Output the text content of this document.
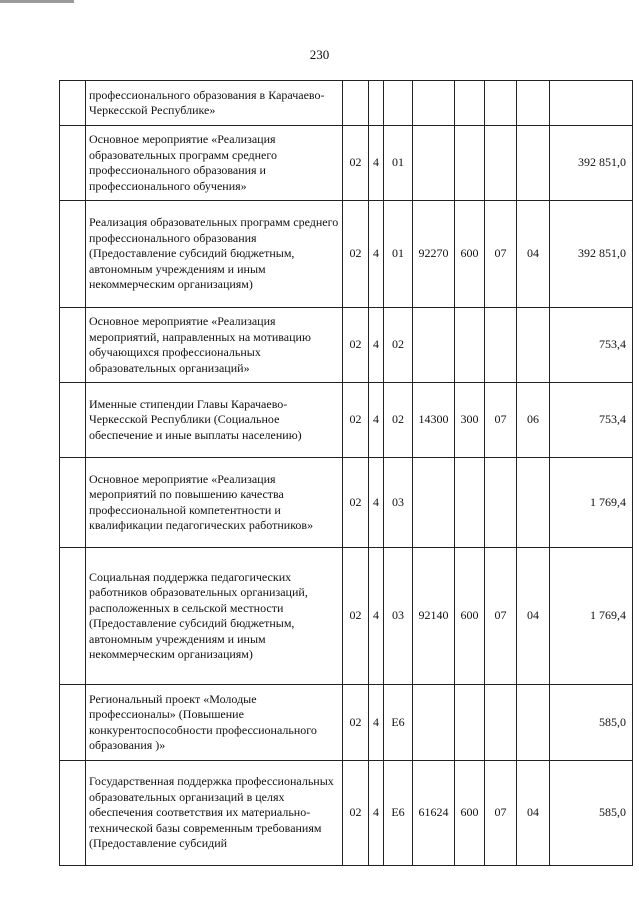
230
	профессионального образования в Карачаево-Черкесской Республике»								
	Основное мероприятие «Реализация образовательных программ среднего профессионального образования и профессионального обучения»	02	4	01					392 851,0
	Реализация образовательных программ среднего профессионального образования (Предоставление субсидий бюджетным, автономным учреждениям и иным некоммерческим организациям)	02	4	01	92270	600	07	04	392 851,0
	Основное мероприятие «Реализация мероприятий, направленных на мотивацию обучающихся профессиональных образовательных организаций»	02	4	02					753,4
	Именные стипендии Главы Карачаево-Черкесской Республики (Социальное обеспечение и иные выплаты населению)	02	4	02	14300	300	07	06	753,4
	Основное мероприятие «Реализация мероприятий по повышению качества профессиональной компетентности и квалификации педагогических работников»	02	4	03					1 769,4
	Социальная поддержка педагогических работников образовательных организаций, расположенных в сельской местности (Предоставление субсидий бюджетным, автономным учреждениям и иным некоммерческим организациям)	02	4	03	92140	600	07	04	1 769,4
	Региональный проект «Молодые профессионалы» (Повышение конкурентоспособности профессионального образования )»	02	4	Е6					585,0
	Государственная поддержка профессиональных образовательных организаций в целях обеспечения соответствия их материально-технической базы современным требованиям (Предоставление субсидий	02	4	Е6	61624	600	07	04	585,0
